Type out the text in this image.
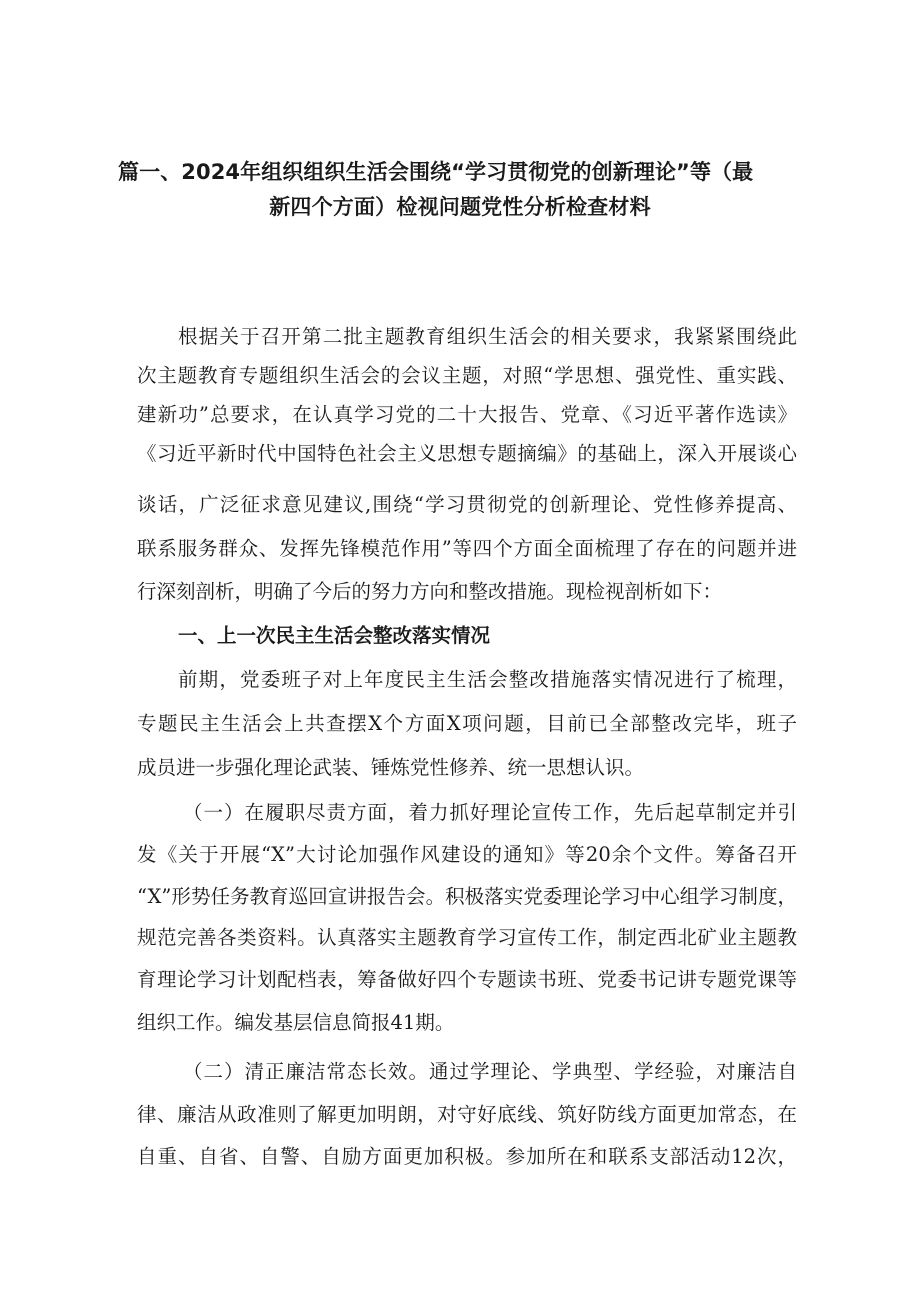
篇一、2024年组织组织生活会围绕“学习贯彻党的创新理论”等（最
新四个方面）检视问题党性分析检查材料
根据关于召开第二批主题教育组织生活会的相关要求，我紧紧围绕此
次主题教育专题组织生活会的会议主题，对照“学思想、强党性、重实践、
建新功”总要求，在认真学习党的二十大报告、党章、《习近平著作选读》
《习近平新时代中国特色社会主义思想专题摘编》的基础上，深入开展谈心
谈话，广泛征求意见建议,围绕“学习贯彻党的创新理论、党性修养提高、
联系服务群众、发挥先锋模范作用”等四个方面全面梳理了存在的问题并进
行深刻剖析，明确了今后的努力方向和整改措施。现检视剖析如下：
一、上一次民主生活会整改落实情况
前期，党委班子对上年度民主生活会整改措施落实情况进行了梳理，
专题民主生活会上共查摆X个方面X项问题，目前已全部整改完毕，班子
成员进一步强化理论武装、锤炼党性修养、统一思想认识。
（一）在履职尽责方面，着力抓好理论宣传工作，先后起草制定并引
发《关于开展“X”大讨论加强作风建设的通知》等20余个文件。筹备召开
“X”形势任务教育巡回宣讲报告会。积极落实党委理论学习中心组学习制度，
规范完善各类资料。认真落实主题教育学习宣传工作，制定西北矿业主题教
育理论学习计划配档表，筹备做好四个专题读书班、党委书记讲专题党课等
组织工作。编发基层信息简报41期。
（二）清正廉洁常态长效。通过学理论、学典型、学经验，对廉洁自
律、廉洁从政准则了解更加明朗，对守好底线、筑好防线方面更加常态，在
自重、自省、自警、自励方面更加积极。参加所在和联系支部活动12次，
